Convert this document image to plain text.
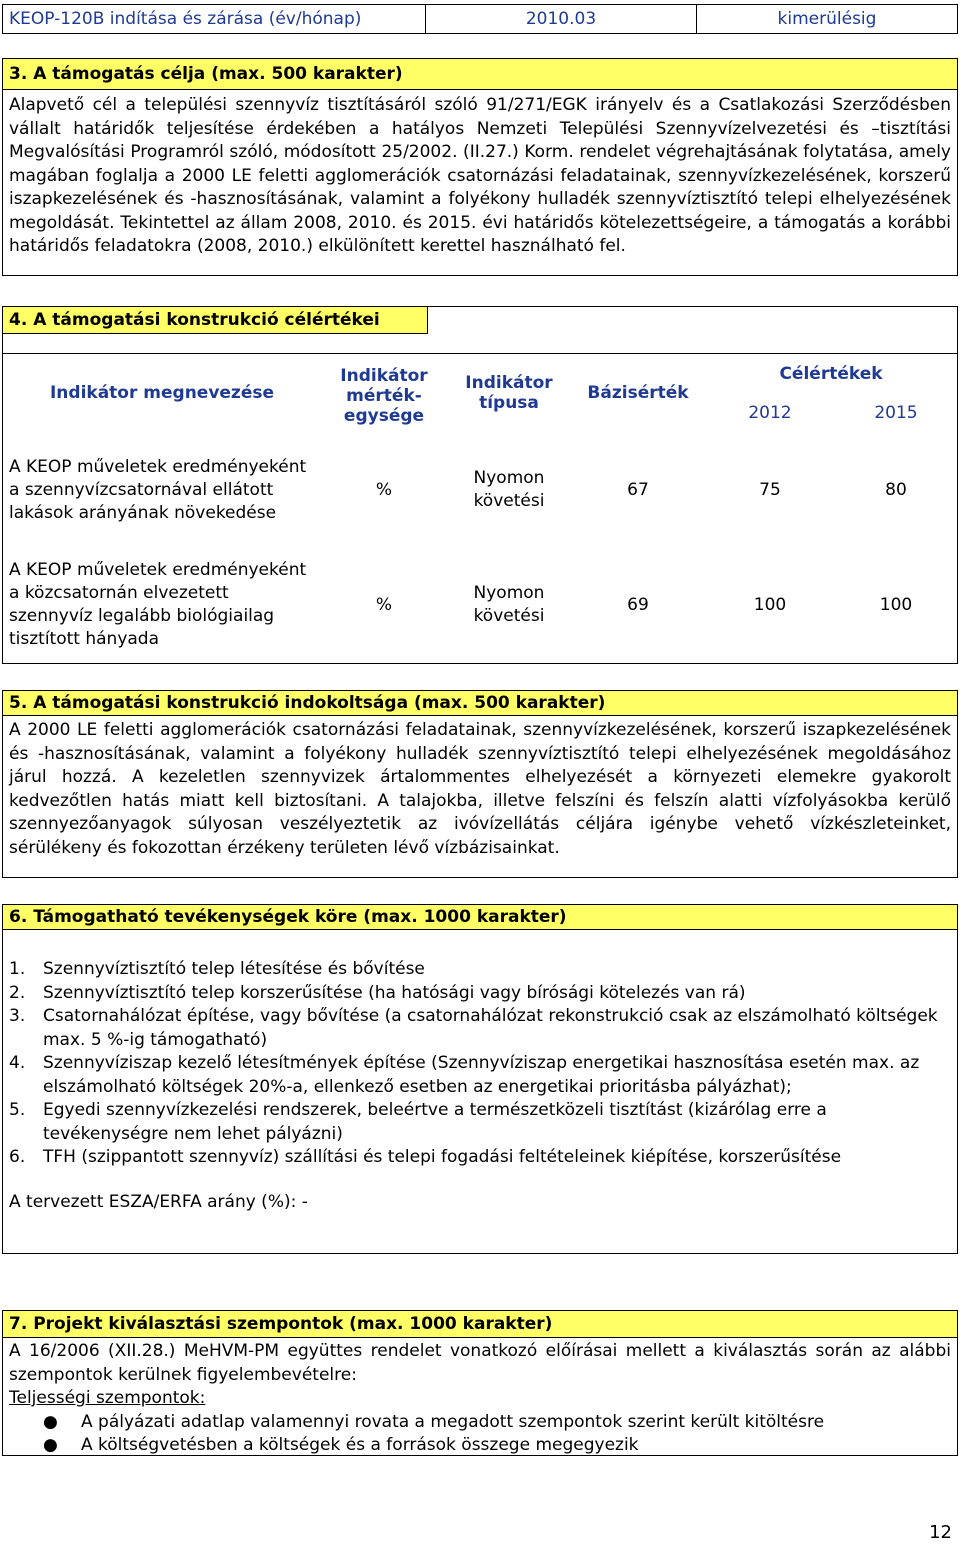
KEOP-120B indítása és zárása (év/hónap)	2010.03	kimerülésig
3. A támogatás célja (max. 500 karakter)
Alapvető cél a települési szennyvíz tisztításáról szóló 91/271/EGK irányelv és a Csatlakozási Szerződésben vállalt határidők teljesítése érdekében a hatályos Nemzeti Települési Szennyvízelvezetési és –tisztítási Megvalósítási Programról szóló, módosított 25/2002. (II.27.) Korm. rendelet végrehajtásának folytatása, amely magában foglalja a 2000 LE feletti agglomerációk csatornázási feladatainak, szennyvízkezelésének, korszerű iszapkezelésének és -hasznosításának, valamint a folyékony hulladék szennyvíztisztító telepi elhelyezésének megoldását. Tekintettel az állam 2008, 2010. és 2015. évi határidős kötelezettségeire, a támogatás a korábbi határidős feladatokra (2008, 2010.) elkülönített kerettel használható fel.
4. A támogatási konstrukció célértékei
Indikátor megnevezése	Indikátor mérték-egysége	Indikátor típusa	Bázisérték	Célértékek	
				2012	2015
A KEOP műveletek eredményeként a szennyvízcsatornával ellátott lakások arányának növekedése	%	Nyomon követési	67	75	80
A KEOP műveletek eredményeként a közcsatornán elvezetett szennyvíz legalább biológiailag tisztított hányada	%	Nyomon követési	69	100	100
5. A támogatási konstrukció indokoltsága (max. 500 karakter)
A 2000 LE feletti agglomerációk csatornázási feladatainak, szennyvízkezelésének, korszerű iszapkezelésének és -hasznosításának, valamint a folyékony hulladék szennyvíztisztító telepi elhelyezésének megoldásához járul hozzá. A kezeletlen szennyvizek ártalommentes elhelyezését a környezeti elemekre gyakorolt kedvezőtlen hatás miatt kell biztosítani. A talajokba, illetve felszíni és felszín alatti vízfolyásokba kerülő szennyezőanyagok súlyosan veszélyeztetik az ivóvízellátás céljára igénybe vehető vízkészleteinket, sérülékeny és fokozottan érzékeny területen lévő vízbázisainkat.
6. Támogatható tevékenységek köre (max. 1000 karakter)
1.	Szennyvíztisztító telep létesítése és bővítése
2.	Szennyvíztisztító telep korszerűsítése (ha hatósági vagy bírósági kötelezés van rá)
3.	Csatornahálózat építése, vagy bővítése (a csatornahálózat rekonstrukció csak az elszámolható költségek max. 5 %-ig támogatható)
4.	Szennyvíziszap kezelő létesítmények építése (Szennyvíziszap energetikai hasznosítása esetén max. az elszámolható költségek 20%-a, ellenkező esetben az energetikai prioritásba pályázhat);
5.	Egyedi szennyvízkezelési rendszerek, beleértve a természetközeli tisztítást (kizárólag erre a tevékenységre nem lehet pályázni)
6.	TFH (szippantott szennyvíz) szállítási és telepi fogadási feltételeinek kiépítése, korszerűsítése
A tervezett ESZA/ERFA arány (%): -
7. Projekt kiválasztási szempontok (max. 1000 karakter)
A 16/2006 (XII.28.) MeHVM-PM együttes rendelet vonatkozó előírásai mellett a kiválasztás során az alábbi szempontok kerülnek figyelembevételre:
Teljességi szempontok:
●	A pályázati adatlap valamennyi rovata a megadott szempontok szerint került kitöltésre
●	A költségvetésben a költségek és a források összege megegyezik
12
